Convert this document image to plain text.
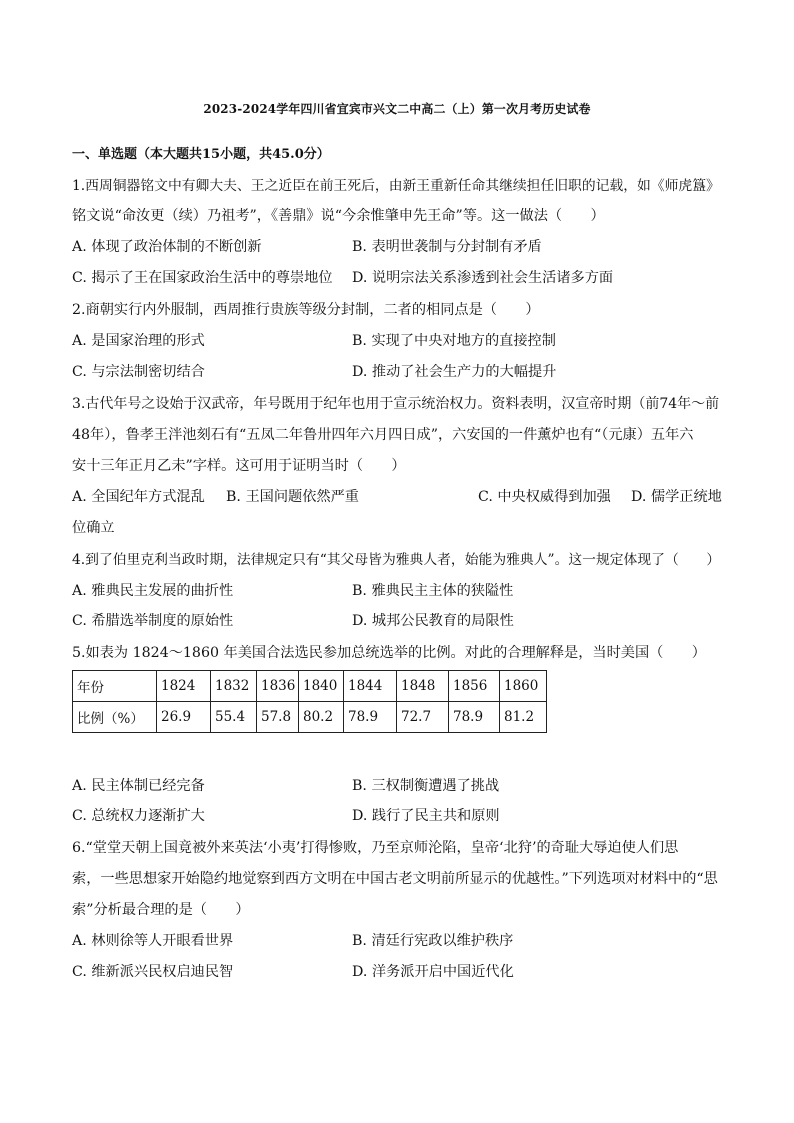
2023-2024学年四川省宜宾市兴文二中高二（上）第一次月考历史试卷
一、单选题（本大题共15小题，共45.0分）
1.西周铜器铭文中有卿大夫、王之近臣在前王死后，由新王重新任命其继续担任旧职的记载，如《师虎簋》
铭文说“命汝更（续）乃祖考”，《善鼎》说“今余惟肇申先王命”等。这一做法（　　）
A. 体现了政治体制的不断创新	B. 表明世袭制与分封制有矛盾
C. 揭示了王在国家政治生活中的尊崇地位 D. 说明宗法关系渗透到社会生活诸多方面
2.商朝实行内外服制，西周推行贵族等级分封制，二者的相同点是（　　）
A. 是国家治理的形式	B. 实现了中央对地方的直接控制
C. 与宗法制密切结合	D. 推动了社会生产力的大幅提升
3.古代年号之设始于汉武帝，年号既用于纪年也用于宣示统治权力。资料表明，汉宣帝时期（前74年～前
48年），鲁孝王泮池刻石有“五凤二年鲁卅四年六月四日成”，六安国的一件薰炉也有“（元康）五年六
安十三年正月乙未”字样。这可用于证明当时（　　）
A. 全国纪年方式混乱 B. 王国问题依然严重	C. 中央权威得到加强 D. 儒学正统地
位确立
4.到了伯里克利当政时期，法律规定只有“其父母皆为雅典人者，始能为雅典人”。这一规定体现了（　　）
A. 雅典民主发展的曲折性	B. 雅典民主主体的狭隘性
C. 希腊选举制度的原始性	D. 城邦公民教育的局限性
5.如表为 1824～1860 年美国合法选民参加总统选举的比例。对此的合理解释是，当时美国（　　）
年份	1824	1832	1836	1840	1844	1848	1856	1860
比例（%）	26.9	55.4	57.8	80.2	78.9	72.7	78.9	81.2
A. 民主体制已经完备	B. 三权制衡遭遇了挑战
C. 总统权力逐渐扩大	D. 践行了民主共和原则
6.“堂堂天朝上国竟被外来英法‘小夷’打得惨败，乃至京师沦陷，皇帝‘北狩’的奇耻大辱迫使人们思
索，一些思想家开始隐约地觉察到西方文明在中国古老文明前所显示的优越性。”下列选项对材料中的“思
索”分析最合理的是（　　）
A. 林则徐等人开眼看世界	B. 清廷行宪政以维护秩序
C. 维新派兴民权启迪民智	D. 洋务派开启中国近代化
